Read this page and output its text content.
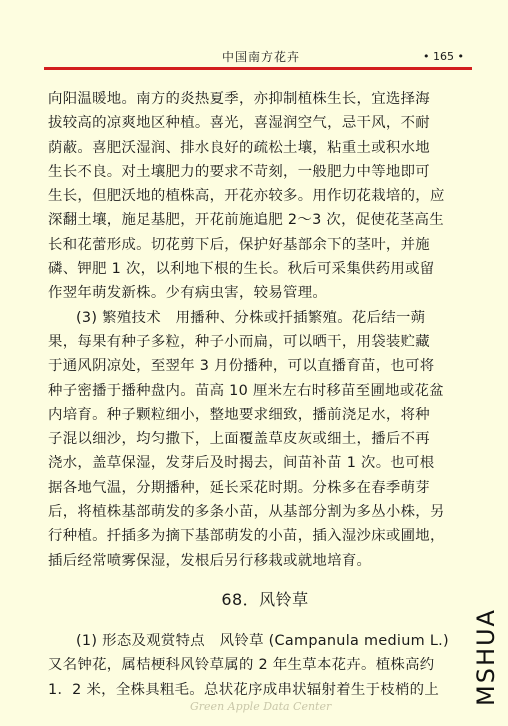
中国南方花卉	• 165 •
向阳温暖地。南方的炎热夏季，亦抑制植株生长，宜选择海
拔较高的凉爽地区种植。喜光，喜湿润空气，忌干风，不耐
荫蔽。喜肥沃湿润、排水良好的疏松土壤，粘重土或积水地
生长不良。对土壤肥力的要求不苛刻，一般肥力中等地即可
生长，但肥沃地的植株高，开花亦较多。用作切花栽培的，应
深翻土壤，施足基肥，开花前施追肥 2～3 次，促使花茎高生
长和花蕾形成。切花剪下后，保护好基部余下的茎叶，并施
磷、钾肥 1 次，以利地下根的生长。秋后可采集供药用或留
作翌年萌发新株。少有病虫害，较易管理。
(3) 繁殖技术　用播种、分株或扦插繁殖。花后结一蒴
果，每果有种子多粒，种子小而扁，可以晒干，用袋装贮藏
于通风阴凉处，至翌年 3 月份播种，可以直播育苗，也可将
种子密播于播种盘内。苗高 10 厘米左右时移苗至圃地或花盆
内培育。种子颗粒细小，整地要求细致，播前浇足水，将种
子混以细沙，均匀撒下，上面覆盖草皮灰或细土，播后不再
浇水，盖草保湿，发芽后及时揭去，间苗补苗 1 次。也可根
据各地气温，分期播种，延长采花时期。分株多在春季萌芽
后，将植株基部萌发的多条小苗，从基部分割为多丛小株，另
行种植。扦插多为摘下基部萌发的小苗，插入湿沙床或圃地，
插后经常喷雾保湿，发根后另行移栽或就地培育。
68．风铃草
(1) 形态及观赏特点　风铃草 (Campanula medium L.)
又名钟花，属桔梗科风铃草属的 2 年生草本花卉。植株高约
1．2 米，全株具粗毛。总状花序成串状辐射着生于枝梢的上	MSHUA
Green Apple Data Center
